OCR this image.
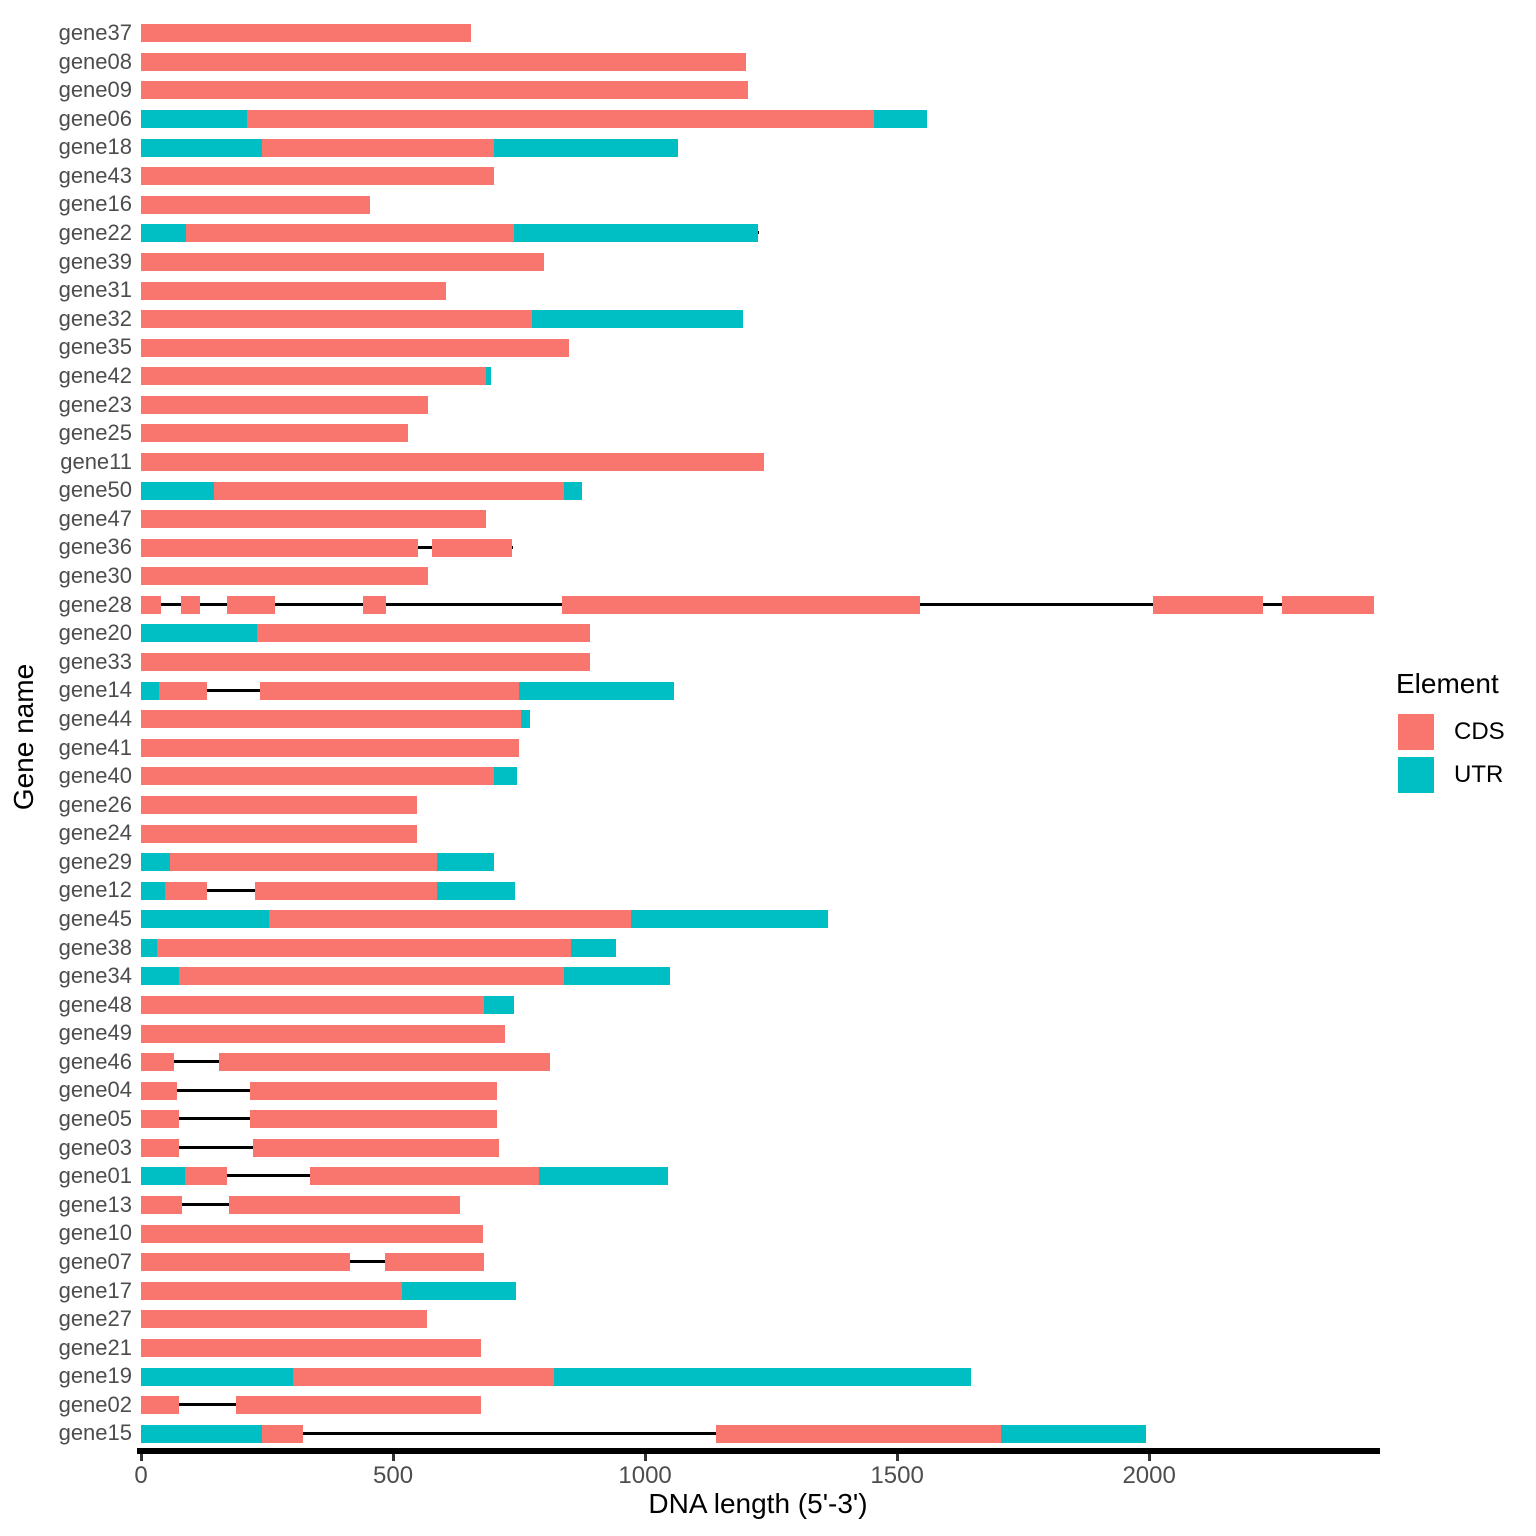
Gene name
gene37
gene08
gene09
gene06
gene18
gene43
gene16
gene22
gene39
gene31
gene32
gene35
gene42
gene23
gene25
gene11
gene50
gene47
gene36
gene30
gene28
gene20
gene33
gene14
gene44
gene41
gene40
gene26
gene24
gene29
gene12
gene45
gene38
gene34
gene48
gene49
gene46
gene04
gene05
gene03
gene01
gene13
gene10
gene07
gene17
gene27
gene21
gene19
gene02
gene15
0	500	1000	1500	2000
DNA length (5'-3')
Element
CDS
UTR
